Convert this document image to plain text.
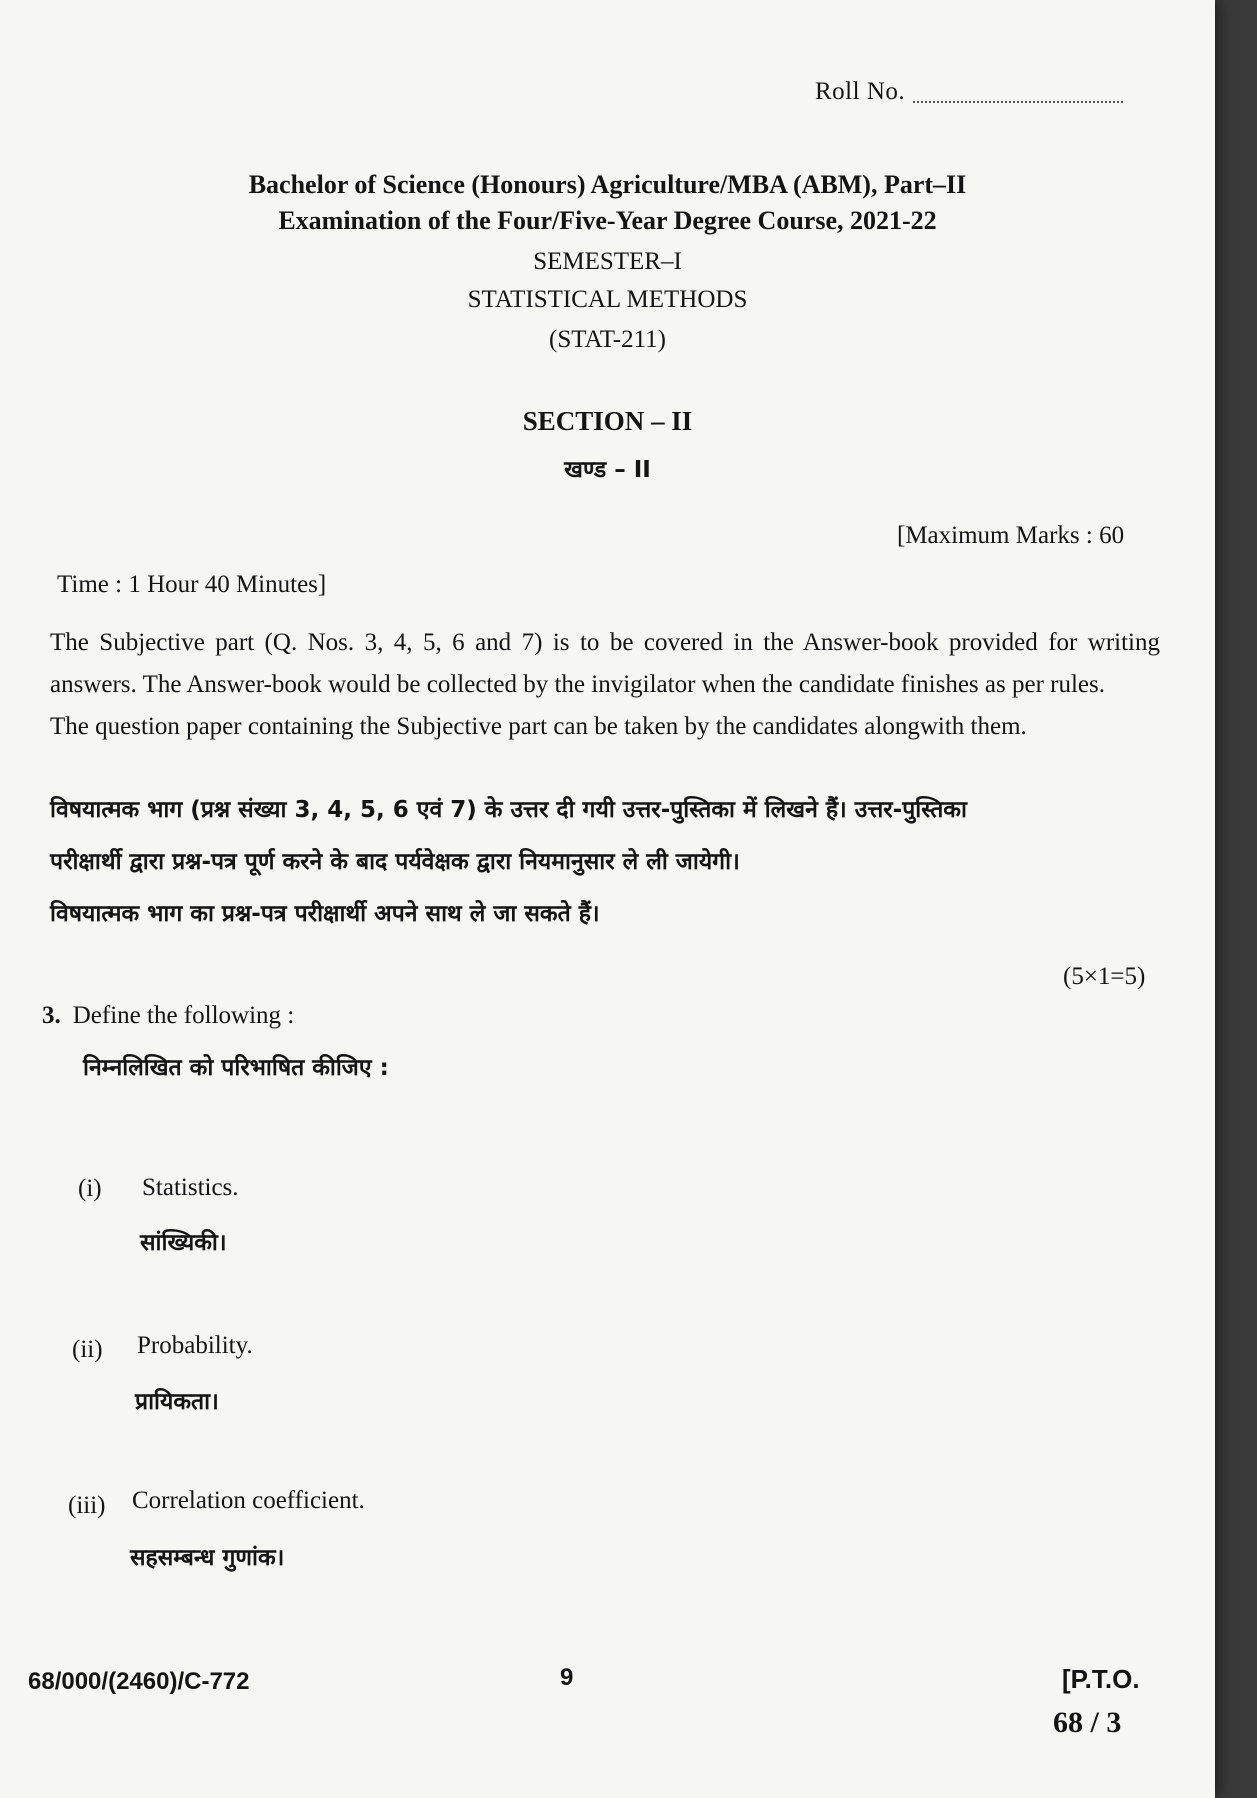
Roll No.
Bachelor of Science (Honours) Agriculture/MBA (ABM), Part–II
Examination of the Four/Five-Year Degree Course, 2021-22
SEMESTER–I
STATISTICAL METHODS
(STAT-211)
SECTION – II
खण्ड – II
[Maximum Marks : 60
Time : 1 Hour 40 Minutes]

The Subjective part (Q. Nos. 3, 4, 5, 6 and 7) is to be covered in the Answer-book provided for writing answers. The Answer-book would be collected by the invigilator when the candidate finishes as per rules.

The question paper containing the Subjective part can be taken by the candidates alongwith them.

विषयात्मक भाग (प्रश्न संख्या 3, 4, 5, 6 एवं 7) के उत्तर दी गयी उत्तर-पुस्तिका में लिखने हैं। उत्तर-पुस्तिका

परीक्षार्थी द्वारा प्रश्न-पत्र पूर्ण करने के बाद पर्यवेक्षक द्वारा नियमानुसार ले ली जायेगी।

विषयात्मक भाग का प्रश्न-पत्र परीक्षार्थी अपने साथ ले जा सकते हैं।

(5×1=5)
3. Define the following :
निम्नलिखित को परिभाषित कीजिए :
(i) Statistics.
सांख्यिकी।
(ii) Probability.
प्रायिकता।
(iii) Correlation coefficient.
सहसम्बन्ध गुणांक।
68/000/(2460)/C-772	9	[P.T.O.
68 / 3
